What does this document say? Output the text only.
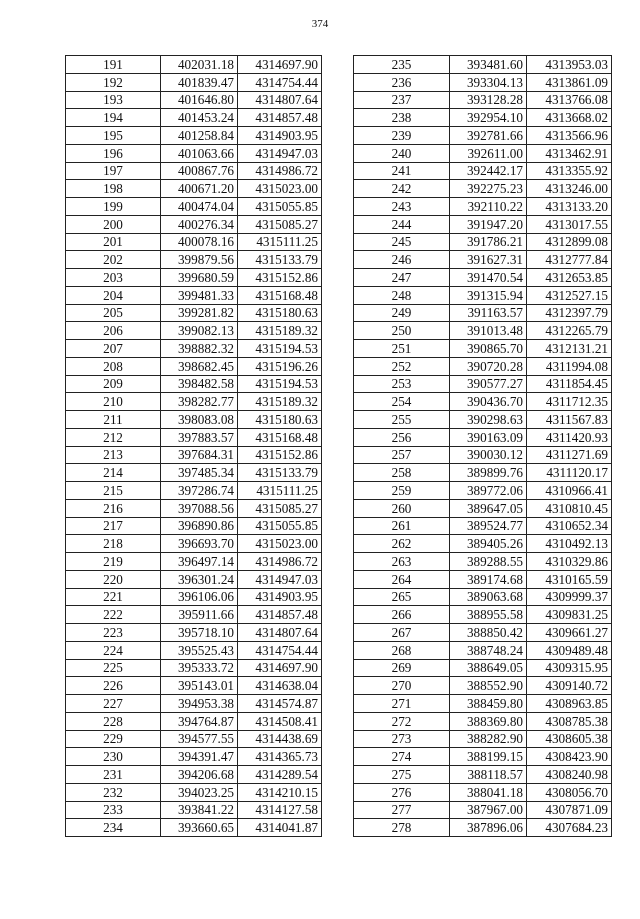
374
191	402031.18	4314697.90
192	401839.47	4314754.44
193	401646.80	4314807.64
194	401453.24	4314857.48
195	401258.84	4314903.95
196	401063.66	4314947.03
197	400867.76	4314986.72
198	400671.20	4315023.00
199	400474.04	4315055.85
200	400276.34	4315085.27
201	400078.16	4315111.25
202	399879.56	4315133.79
203	399680.59	4315152.86
204	399481.33	4315168.48
205	399281.82	4315180.63
206	399082.13	4315189.32
207	398882.32	4315194.53
208	398682.45	4315196.26
209	398482.58	4315194.53
210	398282.77	4315189.32
211	398083.08	4315180.63
212	397883.57	4315168.48
213	397684.31	4315152.86
214	397485.34	4315133.79
215	397286.74	4315111.25
216	397088.56	4315085.27
217	396890.86	4315055.85
218	396693.70	4315023.00
219	396497.14	4314986.72
220	396301.24	4314947.03
221	396106.06	4314903.95
222	395911.66	4314857.48
223	395718.10	4314807.64
224	395525.43	4314754.44
225	395333.72	4314697.90
226	395143.01	4314638.04
227	394953.38	4314574.87
228	394764.87	4314508.41
229	394577.55	4314438.69
230	394391.47	4314365.73
231	394206.68	4314289.54
232	394023.25	4314210.15
233	393841.22	4314127.58
234	393660.65	4314041.87
235	393481.60	4313953.03
236	393304.13	4313861.09
237	393128.28	4313766.08
238	392954.10	4313668.02
239	392781.66	4313566.96
240	392611.00	4313462.91
241	392442.17	4313355.92
242	392275.23	4313246.00
243	392110.22	4313133.20
244	391947.20	4313017.55
245	391786.21	4312899.08
246	391627.31	4312777.84
247	391470.54	4312653.85
248	391315.94	4312527.15
249	391163.57	4312397.79
250	391013.48	4312265.79
251	390865.70	4312131.21
252	390720.28	4311994.08
253	390577.27	4311854.45
254	390436.70	4311712.35
255	390298.63	4311567.83
256	390163.09	4311420.93
257	390030.12	4311271.69
258	389899.76	4311120.17
259	389772.06	4310966.41
260	389647.05	4310810.45
261	389524.77	4310652.34
262	389405.26	4310492.13
263	389288.55	4310329.86
264	389174.68	4310165.59
265	389063.68	4309999.37
266	388955.58	4309831.25
267	388850.42	4309661.27
268	388748.24	4309489.48
269	388649.05	4309315.95
270	388552.90	4309140.72
271	388459.80	4308963.85
272	388369.80	4308785.38
273	388282.90	4308605.38
274	388199.15	4308423.90
275	388118.57	4308240.98
276	388041.18	4308056.70
277	387967.00	4307871.09
278	387896.06	4307684.23
